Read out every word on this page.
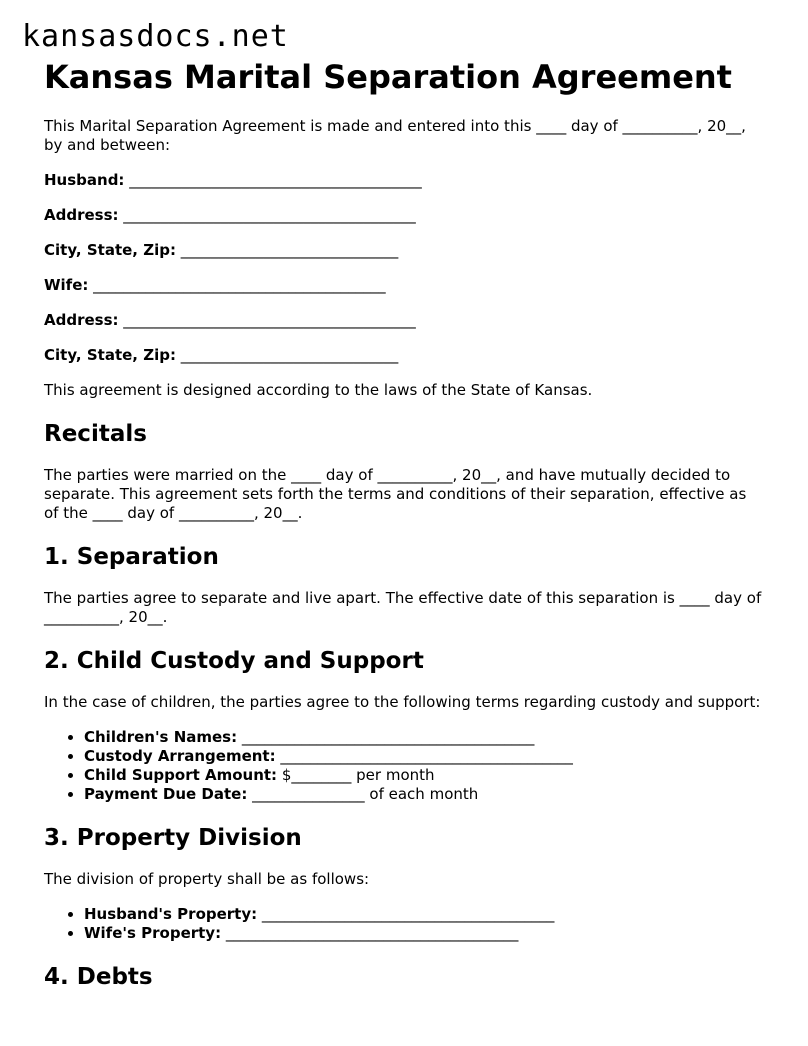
kansasdocs.net
Kansas Marital Separation Agreement

This Marital Separation Agreement is made and entered into this ____ day of __________, 20__, by and between:

Husband: _______________________________________
Address: _______________________________________
City, State, Zip: _____________________________
Wife: _______________________________________
Address: _______________________________________
City, State, Zip: _____________________________

This agreement is designed according to the laws of the State of Kansas.

Recitals

The parties were married on the ____ day of __________, 20__, and have mutually decided to separate. This agreement sets forth the terms and conditions of their separation, effective as of the ____ day of __________, 20__.

1. Separation

The parties agree to separate and live apart. The effective date of this separation is ____ day of __________, 20__.

2. Child Custody and Support

In the case of children, the parties agree to the following terms regarding custody and support:

• Children's Names: _______________________________________
• Custody Arrangement: _______________________________________
• Child Support Amount: $________ per month
• Payment Due Date: _______________ of each month
3. Property Division

The division of property shall be as follows:

• Husband's Property: _______________________________________
• Wife's Property: _______________________________________
4. Debts
